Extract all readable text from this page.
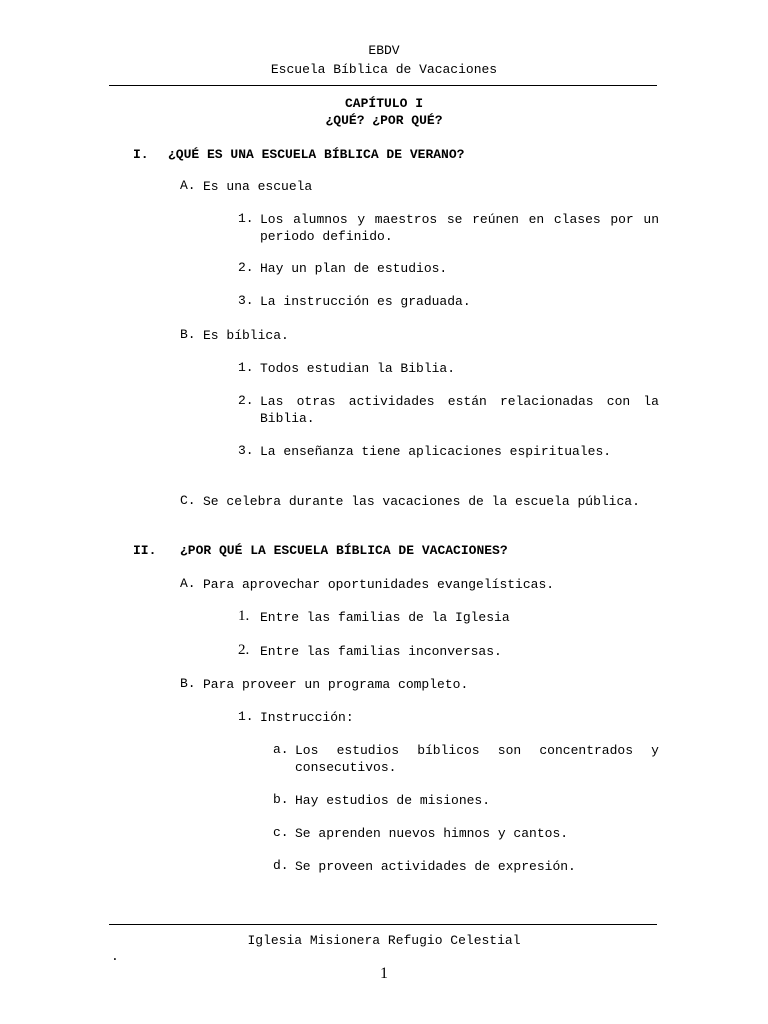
EBDV
Escuela Bíblica de Vacaciones
CAPÍTULO I
¿QUÉ? ¿POR QUÉ?
I. ¿QUÉ ES UNA ESCUELA BÍBLICA DE VERANO?
A. Es una escuela
1. Los alumnos y maestros se reúnen en clases por un periodo definido.
2. Hay un plan de estudios.
3. La instrucción es graduada.
B. Es bíblica.
1. Todos estudian la Biblia.
2. Las otras actividades están relacionadas con la Biblia.
3. La enseñanza tiene aplicaciones espirituales.
C. Se celebra durante las vacaciones de la escuela pública.
II. ¿POR QUÉ LA ESCUELA BÍBLICA DE VACACIONES?
A. Para aprovechar oportunidades evangelísticas.
1. Entre las familias de la Iglesia
2. Entre las familias inconversas.
B. Para proveer un programa completo.
1. Instrucción:
a. Los estudios bíblicos son concentrados y consecutivos.
b. Hay estudios de misiones.
c. Se aprenden nuevos himnos y cantos.
d. Se proveen actividades de expresión.
Iglesia Misionera Refugio Celestial
.
1
